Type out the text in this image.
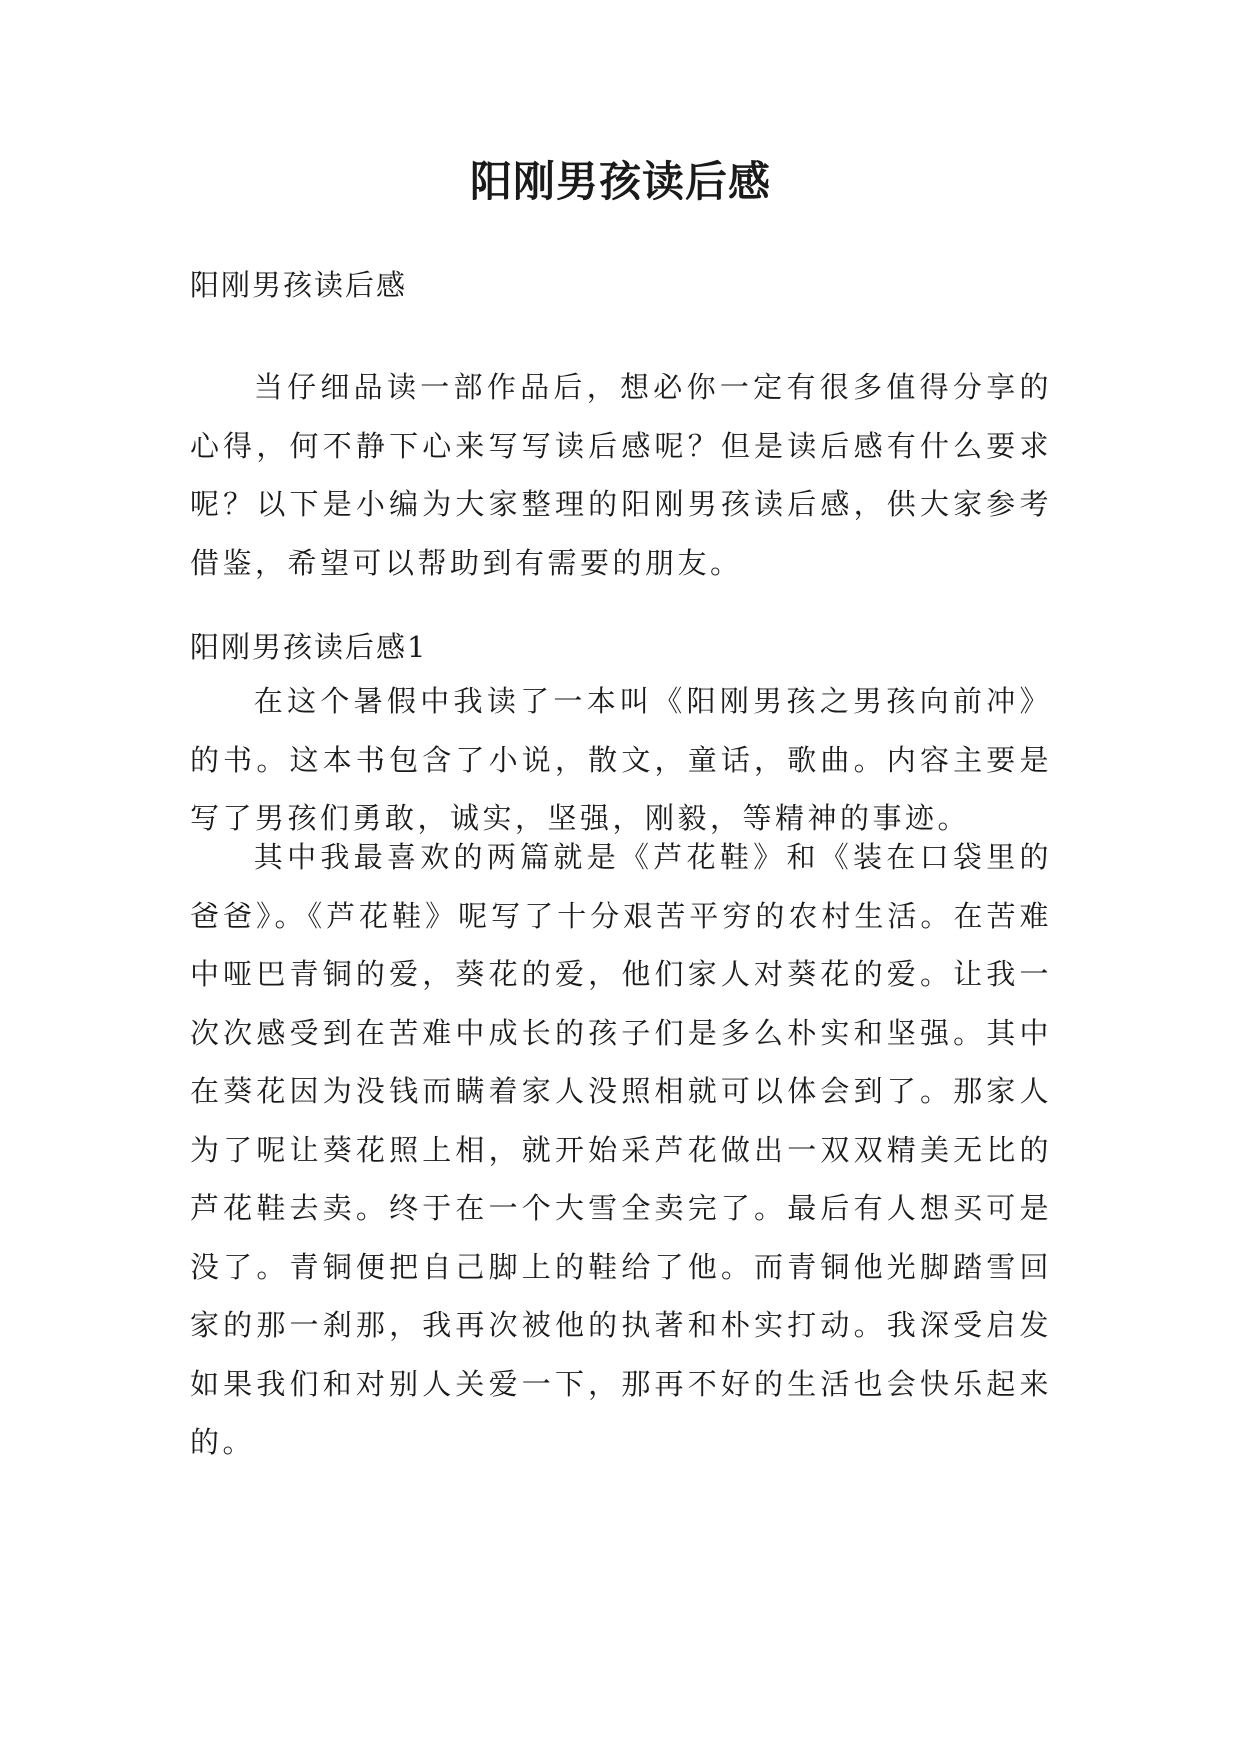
阳刚男孩读后感

阳刚男孩读后感

当仔细品读一部作品后，想必你一定有很多值得分享的心得，何不静下心来写写读后感呢？但是读后感有什么要求呢？以下是小编为大家整理的阳刚男孩读后感，供大家参考借鉴，希望可以帮助到有需要的朋友。

阳刚男孩读后感1

在这个暑假中我读了一本叫《阳刚男孩之男孩向前冲》的书。这本书包含了小说，散文，童话，歌曲。内容主要是写了男孩们勇敢，诚实，坚强，刚毅，等精神的事迹。

其中我最喜欢的两篇就是《芦花鞋》和《装在口袋里的爸爸》。《芦花鞋》呢写了十分艰苦平穷的农村生活。在苦难中哑巴青铜的爱，葵花的爱，他们家人对葵花的爱。让我一次次感受到在苦难中成长的孩子们是多么朴实和坚强。其中在葵花因为没钱而瞒着家人没照相就可以体会到了。那家人为了呢让葵花照上相，就开始采芦花做出一双双精美无比的芦花鞋去卖。终于在一个大雪全卖完了。最后有人想买可是没了。青铜便把自己脚上的鞋给了他。而青铜他光脚踏雪回家的那一刹那，我再次被他的执著和朴实打动。我深受启发如果我们和对别人关爱一下，那再不好的生活也会快乐起来的。
